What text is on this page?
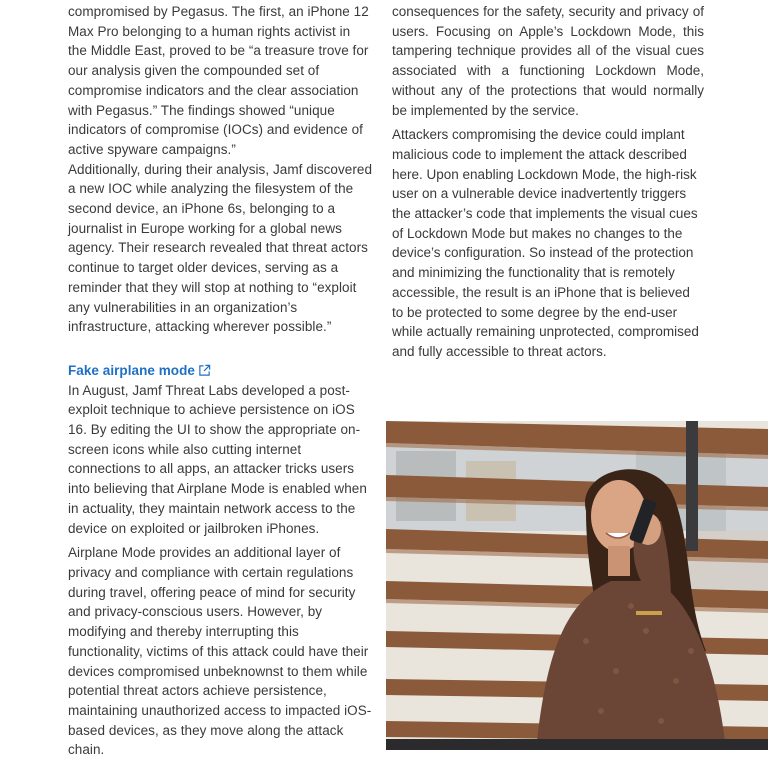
compromised by Pegasus. The first, an iPhone 12 Max Pro belonging to a human rights activist in the Middle East, proved to be “a treasure trove for our analysis given the compounded set of compromise indicators and the clear association with Pegasus.” The findings showed “unique indicators of compromise (IOCs) and evidence of active spyware campaigns.”

Additionally, during their analysis, Jamf discovered a new IOC while analyzing the filesystem of the second device, an iPhone 6s, belonging to a journalist in Europe working for a global news agency. Their research revealed that threat actors continue to target older devices, serving as a reminder that they will stop at nothing to “exploit any vulnerabilities in an organization’s infrastructure, attacking wherever possible.”

Fake airplane mode

In August, Jamf Threat Labs developed a post-exploit technique to achieve persistence on iOS 16. By editing the UI to show the appropriate on-screen icons while also cutting internet connections to all apps, an attacker tricks users into believing that Airplane Mode is enabled when in actuality, they maintain network access to the device on exploited or jailbroken iPhones.

Airplane Mode provides an additional layer of privacy and compliance with certain regulations during travel, offering peace of mind for security and privacy-conscious users. However, by modifying and thereby interrupting this functionality, victims of this attack could have their devices compromised unbeknownst to them while potential threat actors achieve persistence, maintaining unauthorized access to impacted iOS-based devices, as they move along the attack chain.

consequences for the safety, security and privacy of users. Focusing on Apple’s Lockdown Mode, this tampering technique provides all of the visual cues associated with a functioning Lockdown Mode, without any of the protections that would normally be implemented by the service.

Attackers compromising the device could implant malicious code to implement the attack described here. Upon enabling Lockdown Mode, the high-risk user on a vulnerable device inadvertently triggers the attacker’s code that implements the visual cues of Lockdown Mode but makes no changes to the device’s configuration. So instead of the protection and minimizing the functionality that is remotely accessible, the result is an iPhone that is believed to be protected to some degree by the end-user while actually remaining unprotected, compromised and fully accessible to threat actors.
